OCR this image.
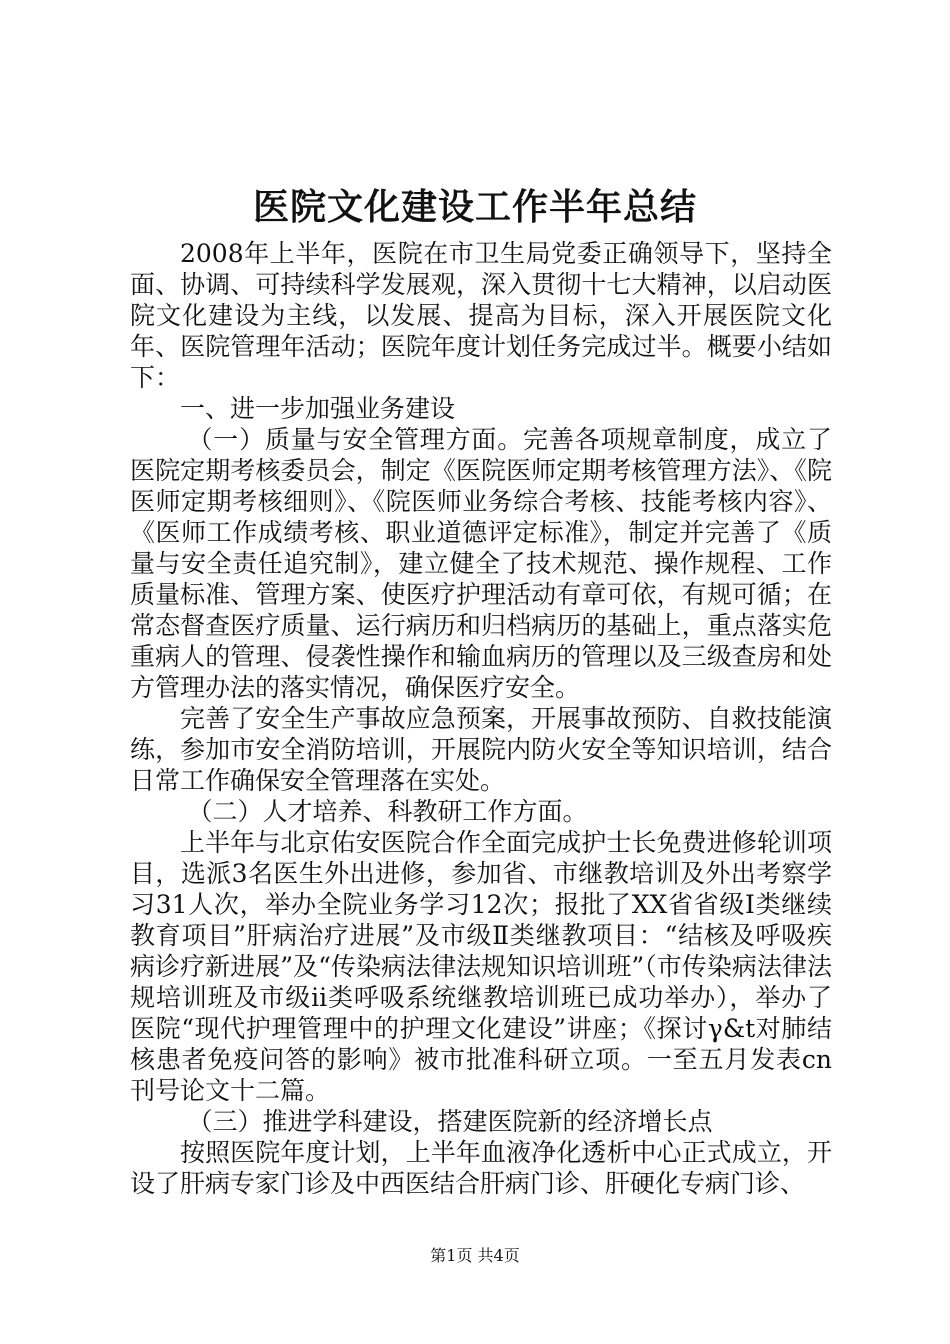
医院文化建设工作半年总结

2008年上半年，医院在市卫生局党委正确领导下，坚持全面、协调、可持续科学发展观，深入贯彻十七大精神，以启动医院文化建设为主线，以发展、提高为目标，深入开展医院文化年、医院管理年活动；医院年度计划任务完成过半。概要小结如下：

一、进一步加强业务建设

（一）质量与安全管理方面。完善各项规章制度，成立了医院定期考核委员会，制定《医院医师定期考核管理方法》、《院医师定期考核细则》、《院医师业务综合考核、技能考核内容》、《医师工作成绩考核、职业道德评定标准》，制定并完善了《质量与安全责任追究制》，建立健全了技术规范、操作规程、工作质量标准、管理方案、使医疗护理活动有章可依，有规可循；在常态督查医疗质量、运行病历和归档病历的基础上，重点落实危重病人的管理、侵袭性操作和输血病历的管理以及三级查房和处方管理办法的落实情况，确保医疗安全。

完善了安全生产事故应急预案，开展事故预防、自救技能演练，参加市安全消防培训，开展院内防火安全等知识培训，结合日常工作确保安全管理落在实处。

（二）人才培养、科教研工作方面。

上半年与北京佑安医院合作全面完成护士长免费进修轮训项目，选派3名医生外出进修，参加省、市继教培训及外出考察学习31人次，举办全院业务学习12次；报批了XX省省级Ⅰ类继续教育项目”肝病治疗进展”及市级Ⅱ类继教项目：“结核及呼吸疾病诊疗新进展”及“传染病法律法规知识培训班”（市传染病法律法规培训班及市级ii类呼吸系统继教培训班已成功举办），举办了医院“现代护理管理中的护理文化建设”讲座；《探讨γ&t对肺结核患者免疫问答的影响》被市批准科研立项。一至五月发表cn刊号论文十二篇。

（三）推进学科建设，搭建医院新的经济增长点

按照医院年度计划，上半年血液净化透析中心正式成立，开设了肝病专家门诊及中西医结合肝病门诊、肝硬化专病门诊、

第1页 共4页
